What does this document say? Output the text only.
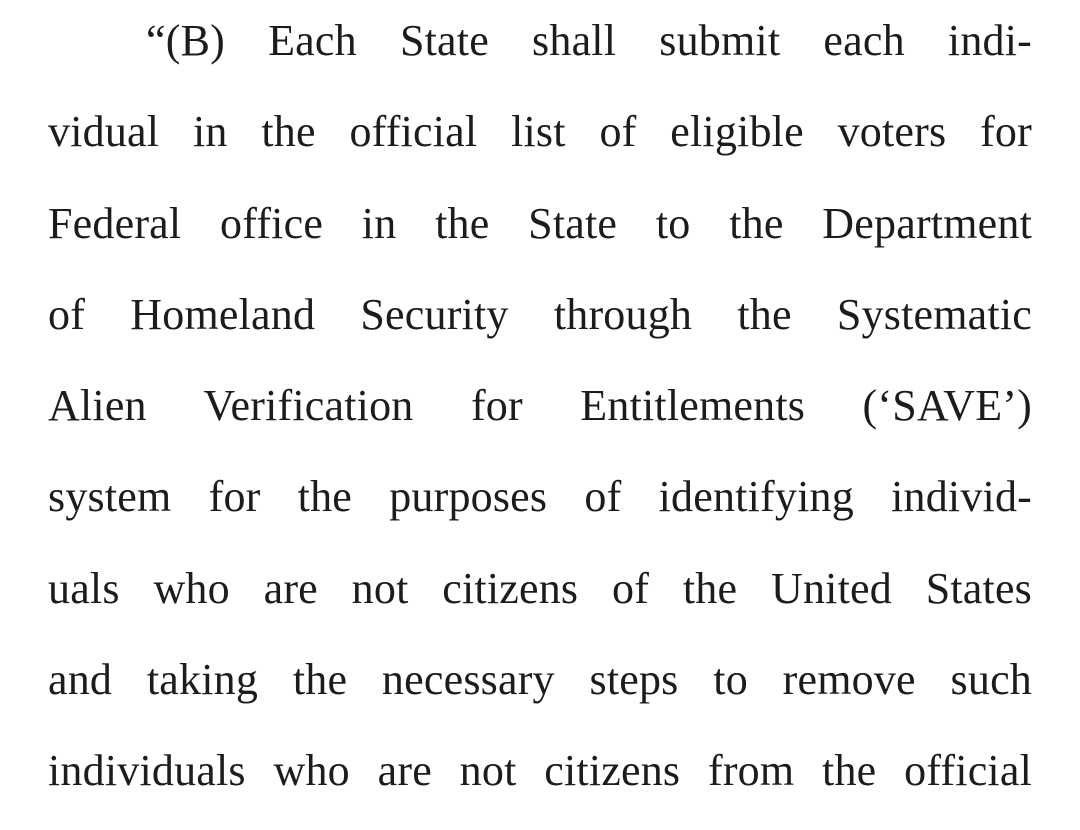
“(B) Each State shall submit each indi-
vidual in the official list of eligible voters for
Federal office in the State to the Department
of Homeland Security through the Systematic
Alien Verification for Entitlements (‘SAVE’)
system for the purposes of identifying individ-
uals who are not citizens of the United States
and taking the necessary steps to remove such
individuals who are not citizens from the official
